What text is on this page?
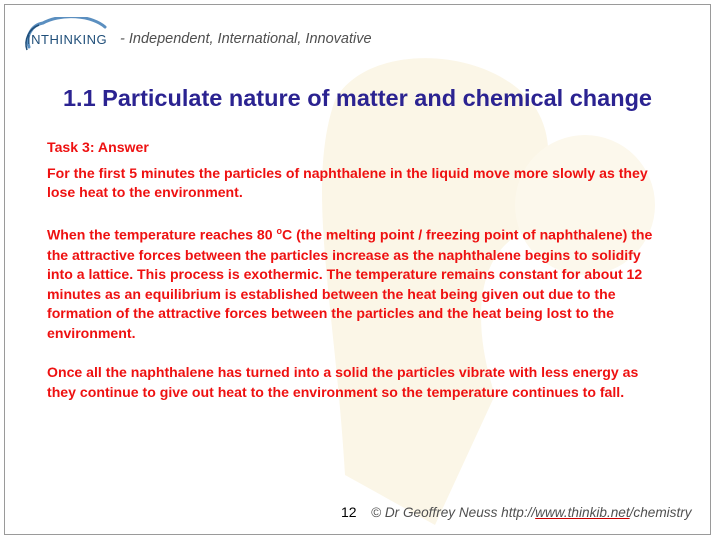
INTHINKING - Independent, International, Innovative
1.1 Particulate nature of matter and chemical change

Task 3: Answer

For the first 5 minutes the particles of naphthalene in the liquid move more slowly as they lose heat to the environment.

When the temperature reaches 80 $^o$C (the melting point / freezing point of naphthalene) the the attractive forces between the particles increase as the naphthalene begins to solidify into a lattice. This process is exothermic. The temperature remains constant for about 12 minutes as an equilibrium is established between the heat being given out due to the formation of the attractive forces between the particles and the heat being lost to the environment.

Once all the naphthalene has turned into a solid the particles vibrate with less energy as they continue to give out heat to the environment so the temperature continues to fall.

12 © Dr Geoffrey Neuss http://www.thinkib.net/chemistry
